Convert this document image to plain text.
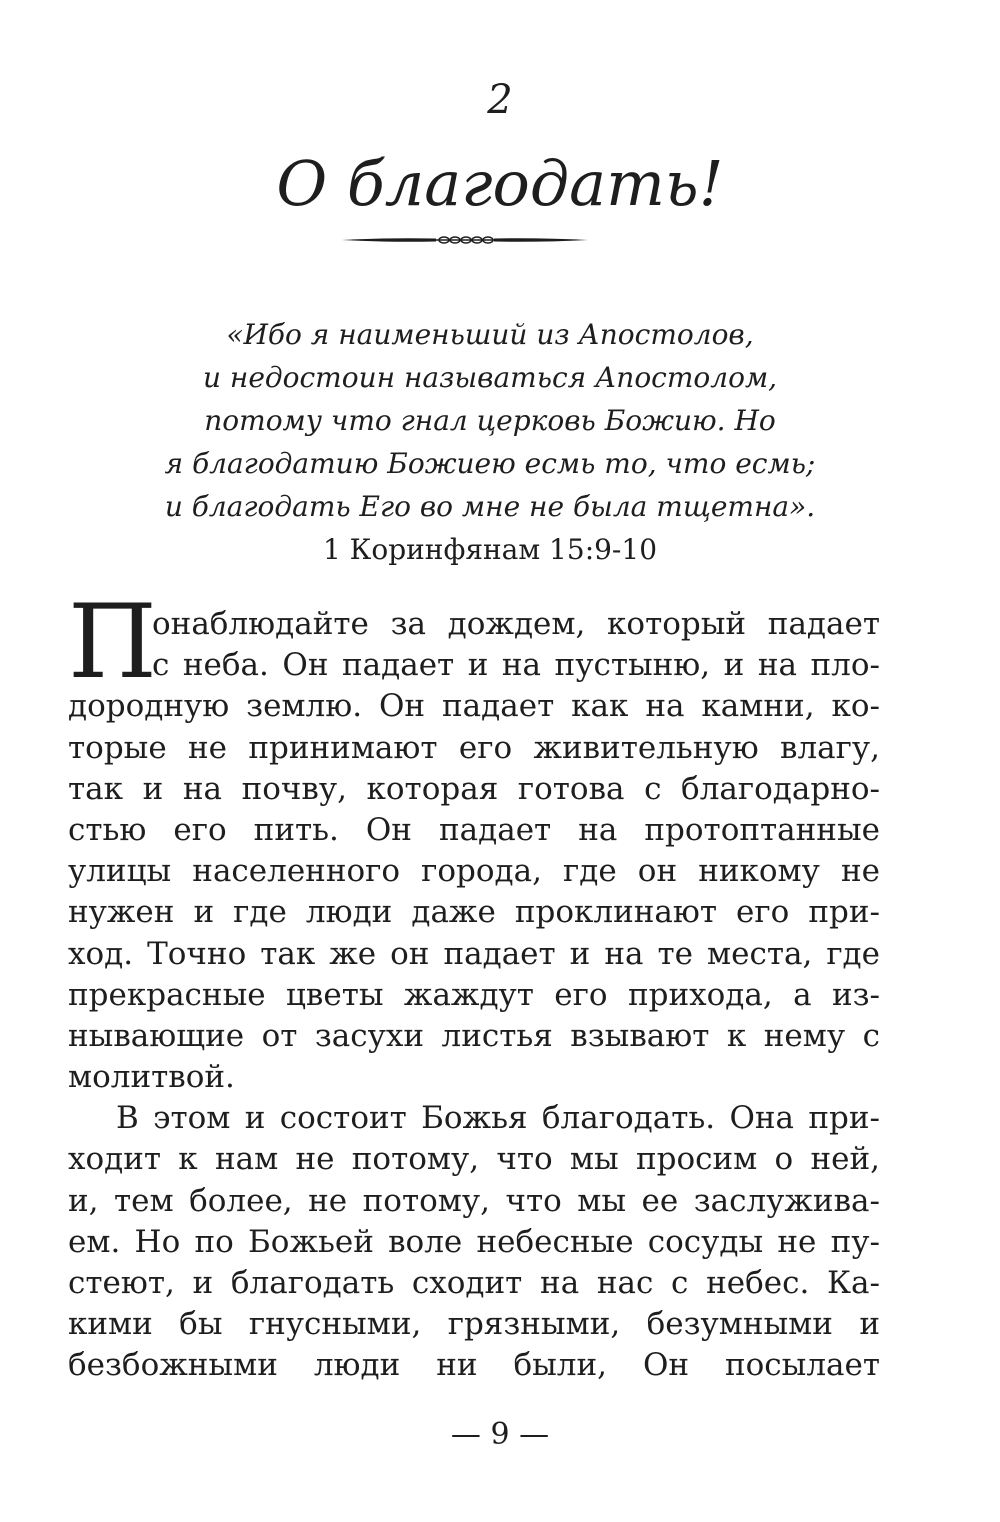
2
О благодать!
«Ибо я наименьший из Апостолов,
и недостоин называться Апостолом,
потому что гнал церковь Божию. Но
я благодатию Божиею есмь то, что есмь;
и благодать Его во мне не была тщетна».
1 Коринфянам 15:9-10
П
онаблюдайте за дождем, который падает
с неба. Он падает и на пустыню, и на пло-
дородную землю. Он падает как на камни, ко-
торые не принимают его живительную влагу,
так и на почву, которая готова с благодарно-
стью его пить. Он падает на протоптанные
улицы населенного города, где он никому не
нужен и где люди даже проклинают его при-
ход. Точно так же он падает и на те места, где
прекрасные цветы жаждут его прихода, а из-
нывающие от засухи листья взывают к нему с
молитвой.
В этом и состоит Божья благодать. Она при-
ходит к нам не потому, что мы просим о ней,
и, тем более, не потому, что мы ее заслужива-
ем. Но по Божьей воле небесные сосуды не пу-
стеют, и благодать сходит на нас с небес. Ка-
кими бы гнусными, грязными, безумными и
безбожными люди ни были, Он посылает
— 9 —
